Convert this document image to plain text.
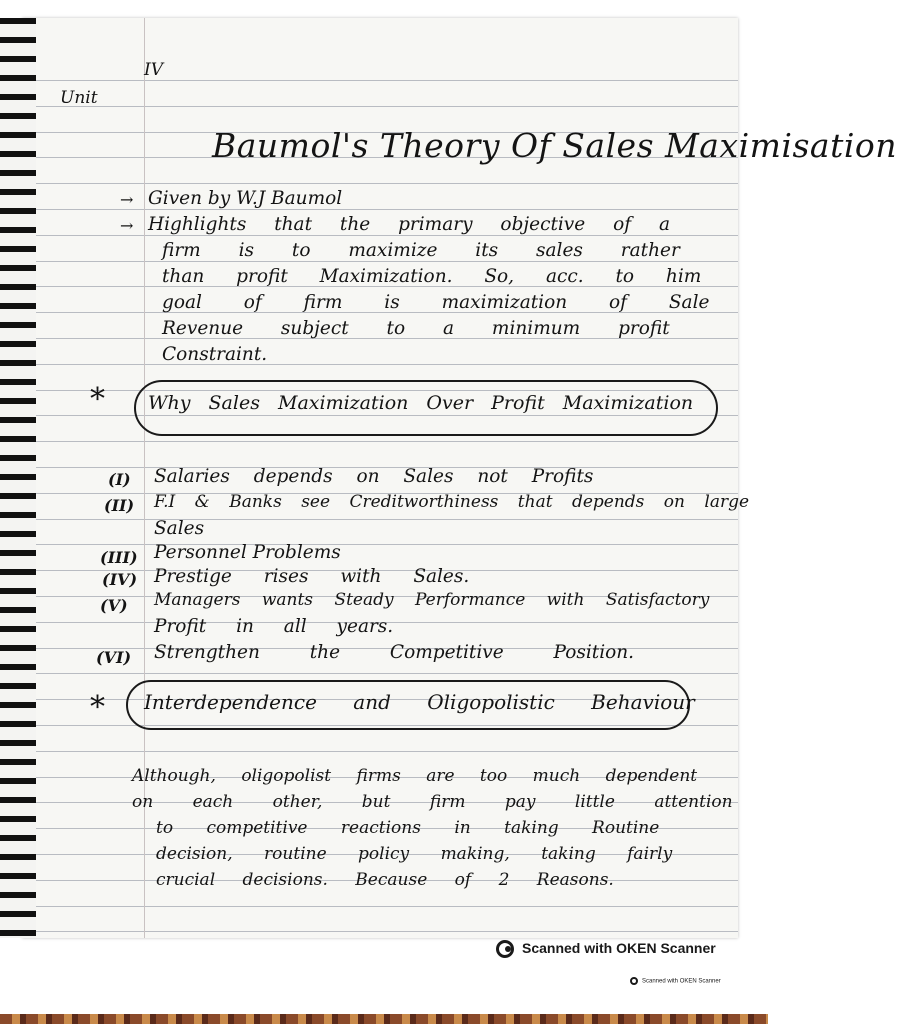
Unit
IV
Baumol's Theory Of Sales Maximisation
→ Given by W.J Baumol
→ Highlights that the primary objective of a
firm is to maximize its sales rather
than profit Maximization. So, acc. to him
goal of firm is maximization of Sale
Revenue subject to a minimum profit
Constraint.
* Why Sales Maximization Over Profit Maximization
(I) Salaries depends on Sales not Profits
(II) F.I & Banks see Creditworthiness that depends on large
Sales
(III) Personnel Problems
(IV) Prestige rises with Sales.
(V) Managers wants Steady Performance with Satisfactory
Profit in all years.
(VI) Strengthen the Competitive Position.
* Interdependence and Oligopolistic Behaviour
Although, oligopolist firms are too much dependent
on each other, but firm pay little attention
to competitive reactions in taking Routine
decision, routine policy making, taking fairly
crucial decisions. Because of 2 Reasons.
Scanned with OKEN Scanner
Scanned with OKEN Scanner
